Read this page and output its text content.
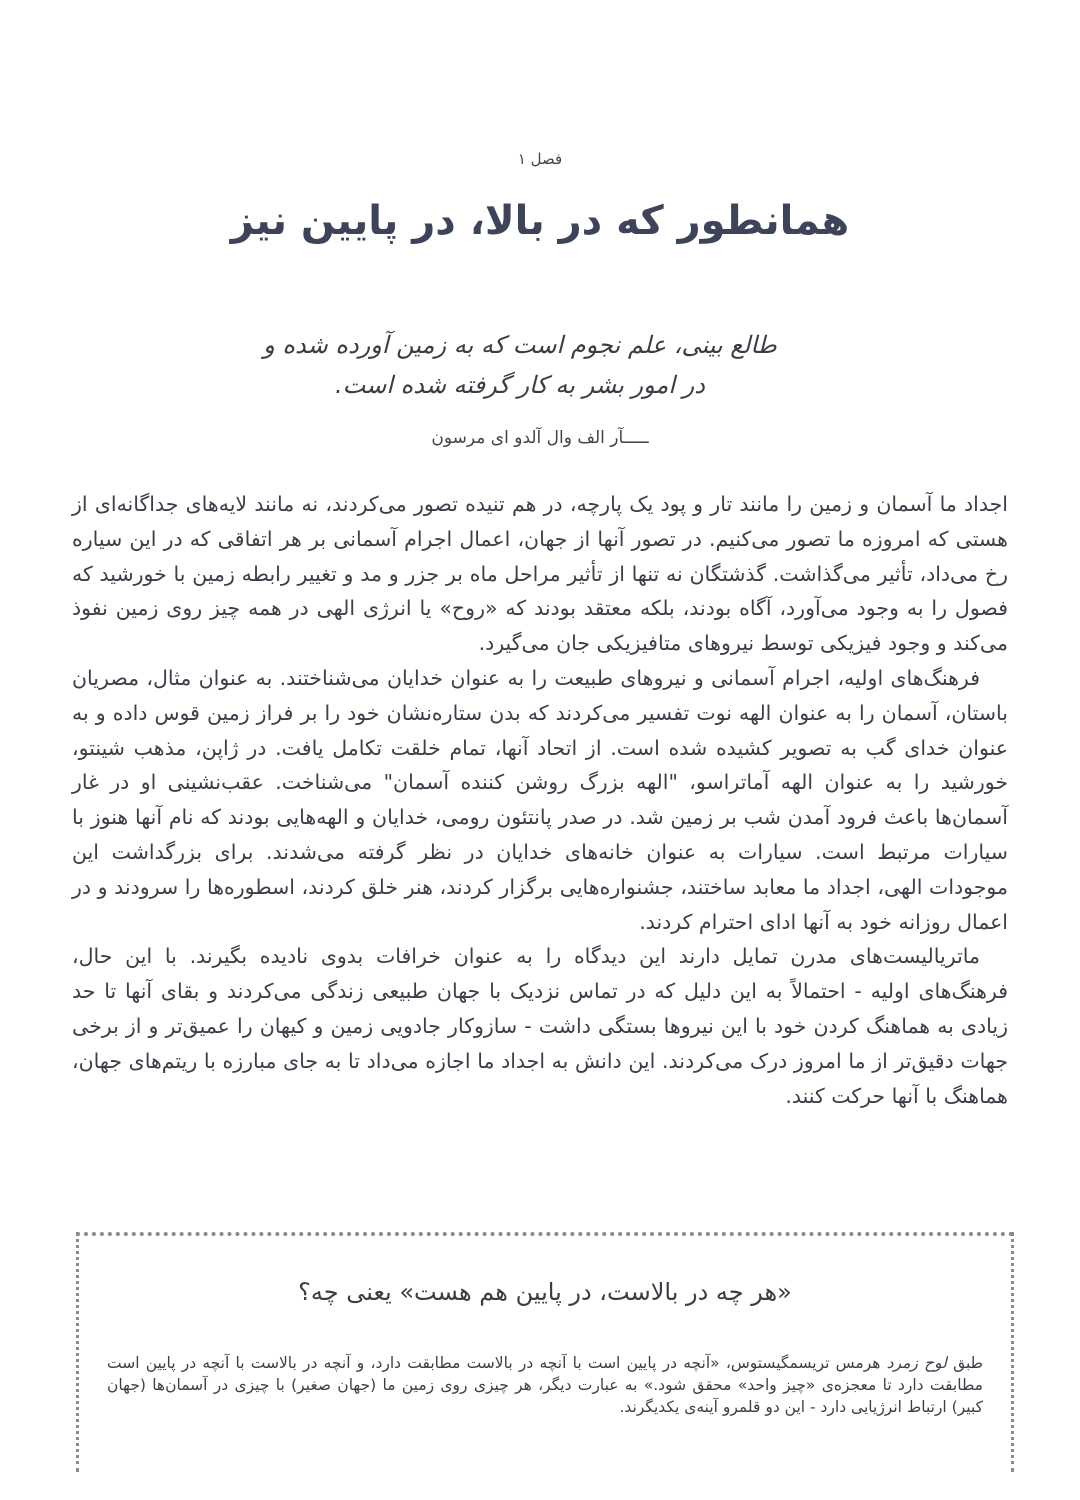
فصل ۱
همانطور که در بالا، در پایین نیز
طالع بینی، علم نجوم است که به زمین آورده شده و
در امور بشر به کار گرفته شده است.
ـــــآر الف وال آلدو ای مرسون

اجداد ما آسمان و زمین را مانند تار و پود یک پارچه، در هم تنیده تصور می‌کردند، نه مانند لایه‌های جداگانه‌ای از هستی که امروزه ما تصور می‌کنیم. در تصور آنها از جهان، اعمال اجرام آسمانی بر هر اتفاقی که در این سیاره رخ می‌داد، تأثیر می‌گذاشت. گذشتگان نه تنها از تأثیر مراحل ماه بر جزر و مد و تغییر رابطه زمین با خورشید که فصول را به وجود می‌آورد، آگاه بودند، بلکه معتقد بودند که «روح» یا انرژی الهی در همه چیز روی زمین نفوذ می‌کند و وجود فیزیکی توسط نیروهای متافیزیکی جان می‌گیرد.

فرهنگ‌های اولیه، اجرام آسمانی و نیروهای طبیعت را به عنوان خدایان می‌شناختند. به عنوان مثال، مصریان باستان، آسمان را به عنوان الهه نوت تفسیر می‌کردند که بدن ستاره‌نشان خود را بر فراز زمین قوس داده و به عنوان خدای گب به تصویر کشیده شده است. از اتحاد آنها، تمام خلقت تکامل یافت. در ژاپن، مذهب شینتو، خورشید را به عنوان الهه آماتراسو، "الهه بزرگ روشن کننده آسمان" می‌شناخت. عقب‌نشینی او در غار آسمان‌ها باعث فرود آمدن شب بر زمین شد. در صدر پانتئون رومی، خدایان و الهه‌هایی بودند که نام آنها هنوز با سیارات مرتبط است. سیارات به عنوان خانه‌های خدایان در نظر گرفته می‌شدند. برای بزرگداشت این موجودات الهی، اجداد ما معابد ساختند، جشنواره‌هایی برگزار کردند، هنر خلق کردند، اسطوره‌ها را سرودند و در اعمال روزانه خود به آنها ادای احترام کردند.

ماتریالیست‌های مدرن تمایل دارند این دیدگاه را به عنوان خرافات بدوی نادیده بگیرند. با این حال، فرهنگ‌های اولیه - احتمالاً به این دلیل که در تماس نزدیک با جهان طبیعی زندگی می‌کردند و بقای آنها تا حد زیادی به هماهنگ کردن خود با این نیروها بستگی داشت - سازوکار جادویی زمین و کیهان را عمیق‌تر و از برخی جهات دقیق‌تر از ما امروز درک می‌کردند. این دانش به اجداد ما اجازه می‌داد تا به جای مبارزه با ریتم‌های جهان، هماهنگ با آنها حرکت کنند.

«هر چه در بالاست، در پایین هم هست» یعنی چه؟
طبق لوح زمرد هرمس تریسمگیستوس، «آنچه در پایین است با آنچه در بالاست مطابقت دارد، و آنچه در بالاست با آنچه در پایین است مطابقت دارد تا معجزه‌ی «چیز واحد» محقق شود.» به عبارت دیگر، هر چیزی روی زمین ما (جهان صغیر) با چیزی در آسمان‌ها (جهان کبیر) ارتباط انرژیایی دارد - این دو قلمرو آینه‌ی یکدیگرند.
